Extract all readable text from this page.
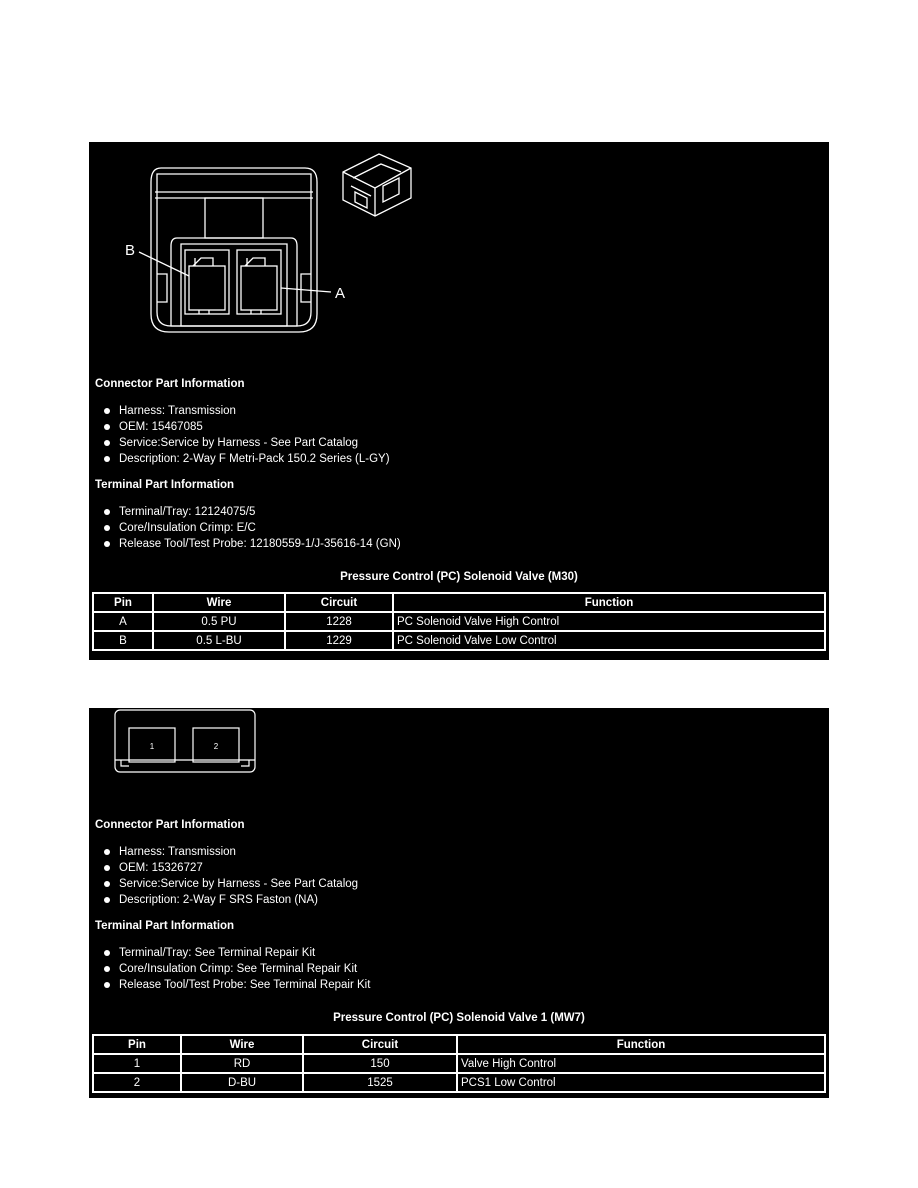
B
A
Connector Part Information
Harness: Transmission
OEM: 15467085
Service:Service by Harness - See Part Catalog
Description: 2-Way F Metri-Pack 150.2 Series (L-GY)
Terminal Part Information
Terminal/Tray: 12124075/5
Core/Insulation Crimp: E/C
Release Tool/Test Probe: 12180559-1/J-35616-14 (GN)
Pressure Control (PC) Solenoid Valve (M30)
Pin	Wire	Circuit	Function
A	0.5 PU	1228	PC Solenoid Valve High Control
B	0.5 L-BU	1229	PC Solenoid Valve Low Control
1	2
Connector Part Information
Harness: Transmission
OEM: 15326727
Service:Service by Harness - See Part Catalog
Description: 2-Way F SRS Faston (NA)
Terminal Part Information
Terminal/Tray: See Terminal Repair Kit
Core/Insulation Crimp: See Terminal Repair Kit
Release Tool/Test Probe: See Terminal Repair Kit
Pressure Control (PC) Solenoid Valve 1 (MW7)
Pin	Wire	Circuit	Function
1	RD	150	Valve High Control
2	D-BU	1525	PCS1 Low Control
